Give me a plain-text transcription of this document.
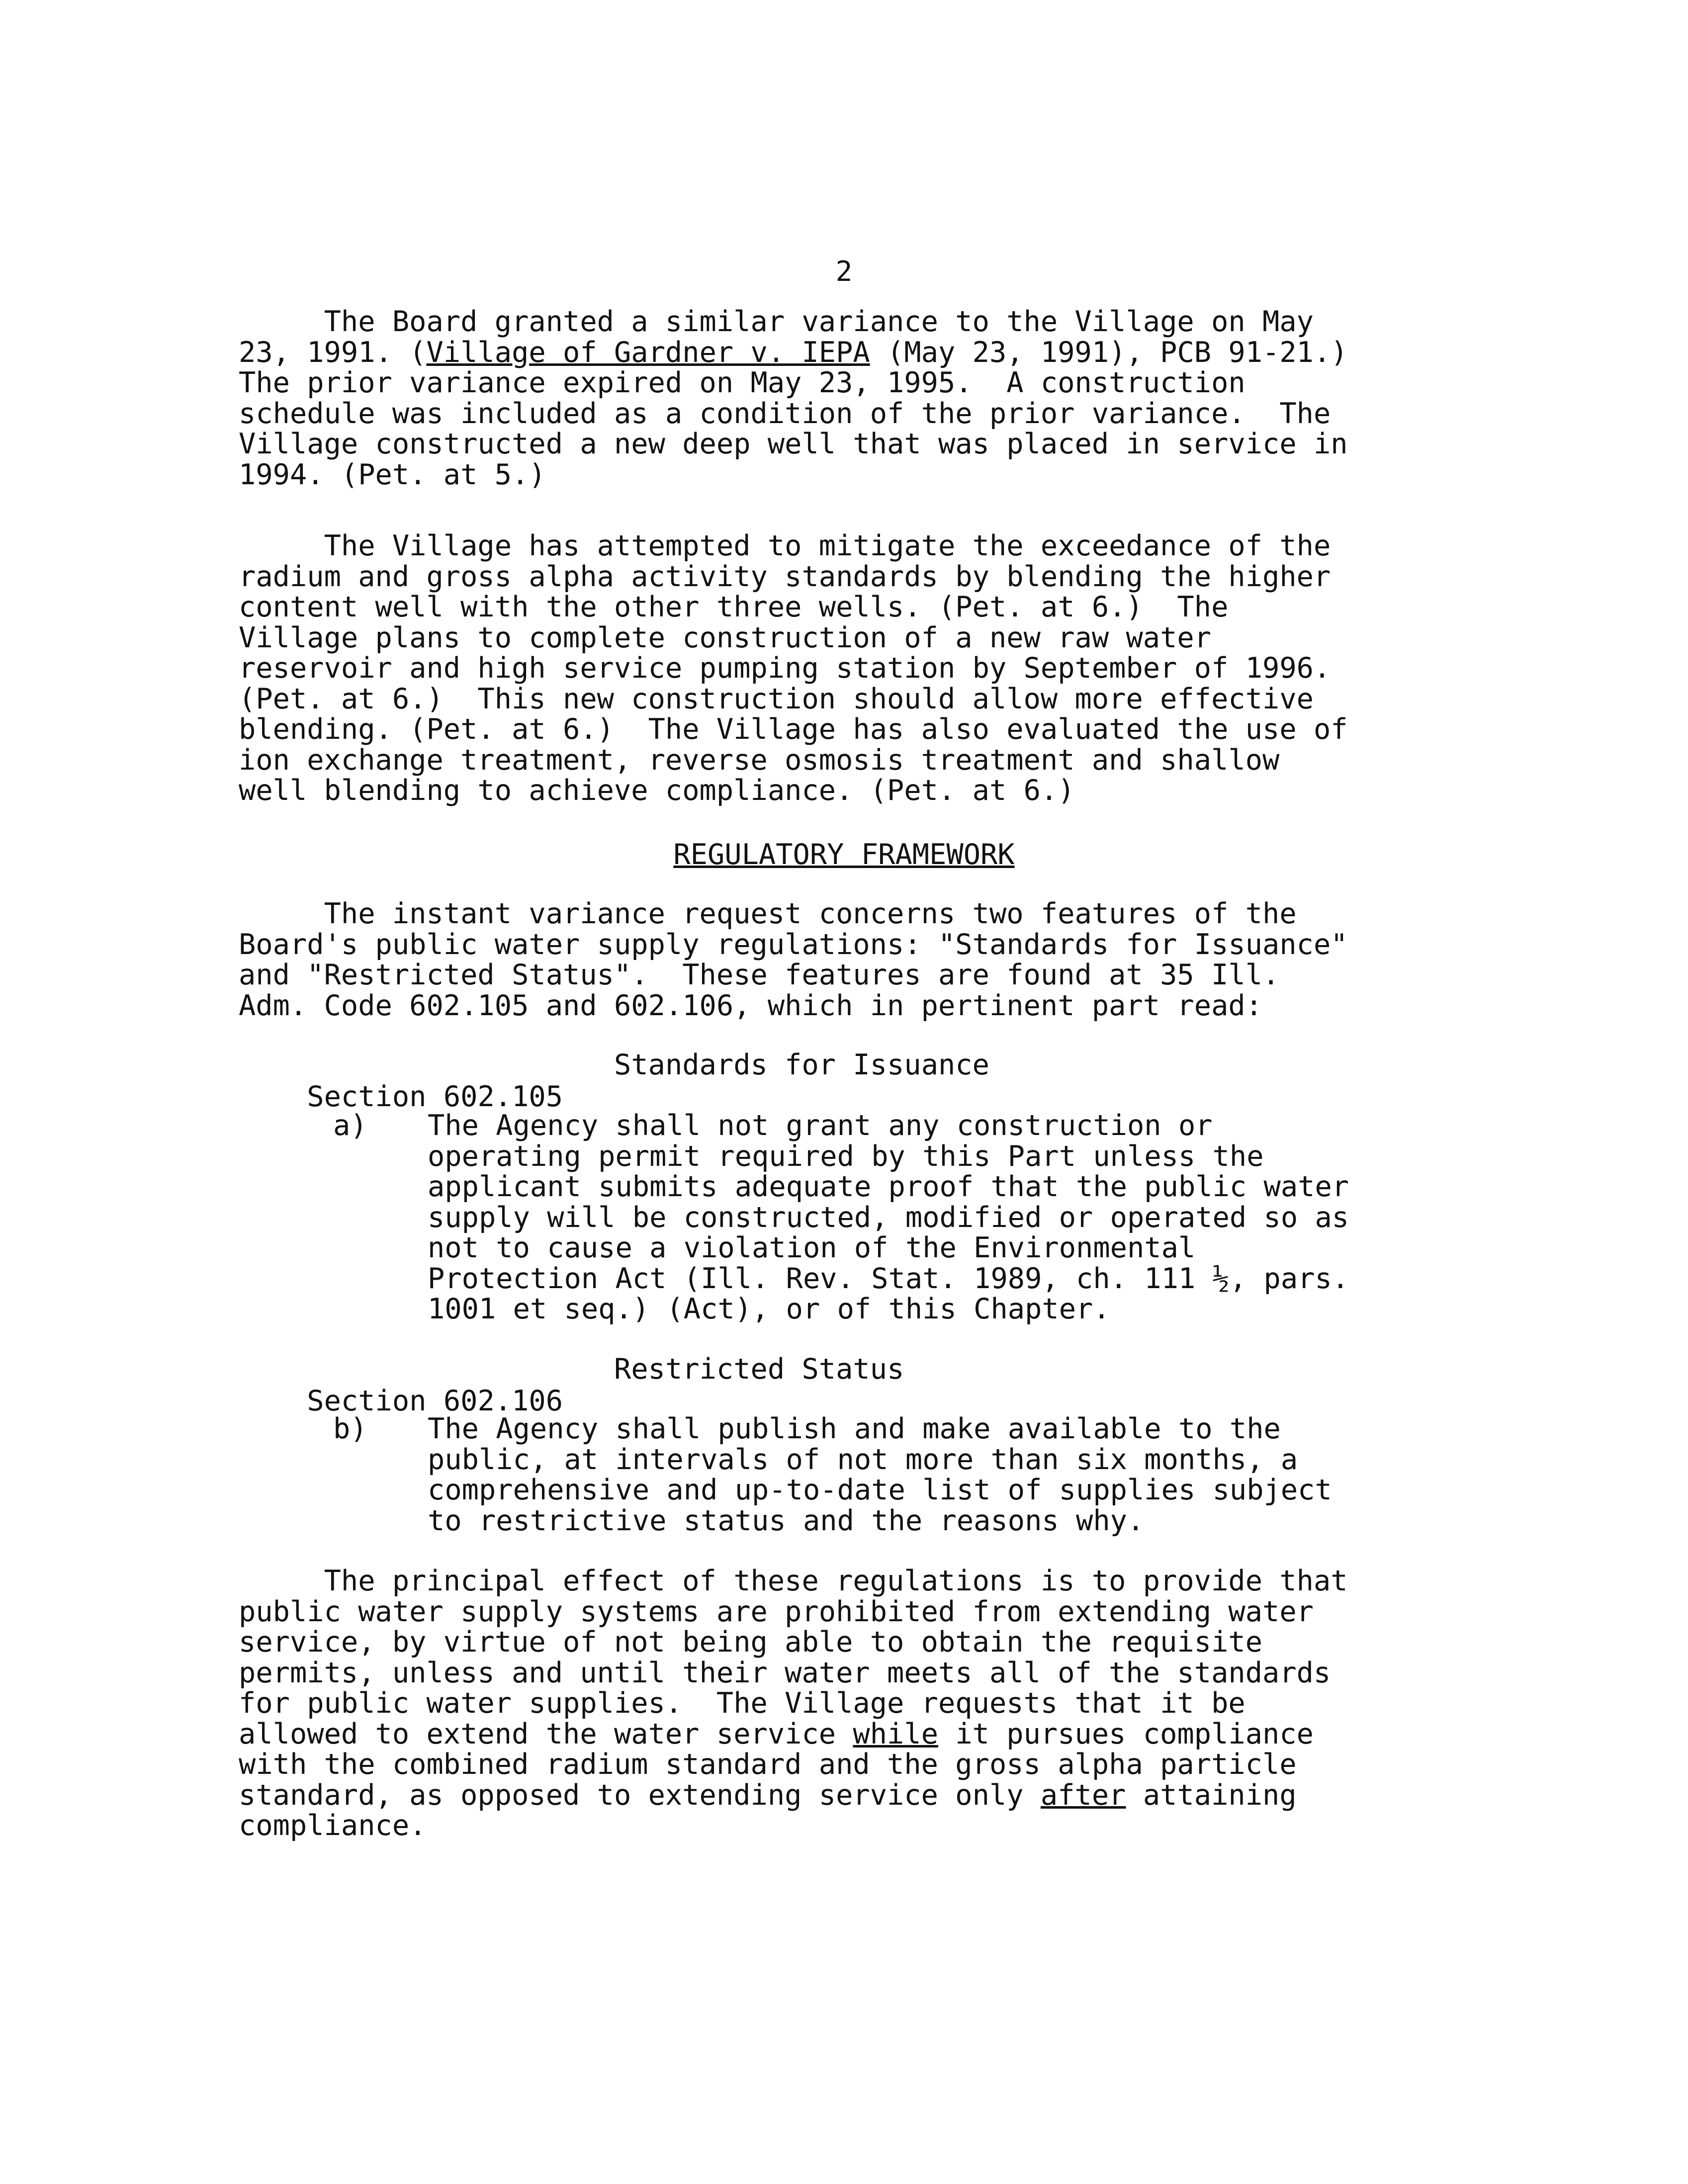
2
The Board granted a similar variance to the Village on May
23, 1991. (Village of Gardner v. IEPA (May 23, 1991), PCB 91-21.)
The prior variance expired on May 23, 1995.  A construction
schedule was included as a condition of the prior variance.  The
Village constructed a new deep well that was placed in service in
1994. (Pet. at 5.)
The Village has attempted to mitigate the exceedance of the
radium and gross alpha activity standards by blending the higher
content well with the other three wells. (Pet. at 6.)  The
Village plans to complete construction of a new raw water
reservoir and high service pumping station by September of 1996.
(Pet. at 6.)  This new construction should allow more effective
blending. (Pet. at 6.)  The Village has also evaluated the use of
ion exchange treatment, reverse osmosis treatment and shallow
well blending to achieve compliance. (Pet. at 6.)
REGULATORY FRAMEWORK
The instant variance request concerns two features of the
Board's public water supply regulations: "Standards for Issuance"
and "Restricted Status".  These features are found at 35 Ill.
Adm. Code 602.105 and 602.106, which in pertinent part read:

Section 602.105

Standards for Issuance

a) The Agency shall not grant any construction or
operating permit required by this Part unless the
applicant submits adequate proof that the public water
supply will be constructed, modified or operated so as
not to cause a violation of the Environmental
Protection Act (Ill. Rev. Stat. 1989, ch. 111 ½, pars.
1001 et seq.) (Act), or of this Chapter.

Section 602.106

Restricted Status

b) The Agency shall publish and make available to the
public, at intervals of not more than six months, a
comprehensive and up-to-date list of supplies subject
to restrictive status and the reasons why.
The principal effect of these regulations is to provide that
public water supply systems are prohibited from extending water
service, by virtue of not being able to obtain the requisite
permits, unless and until their water meets all of the standards
for public water supplies.  The Village requests that it be
allowed to extend the water service while it pursues compliance
with the combined radium standard and the gross alpha particle
standard, as opposed to extending service only after attaining
compliance.
